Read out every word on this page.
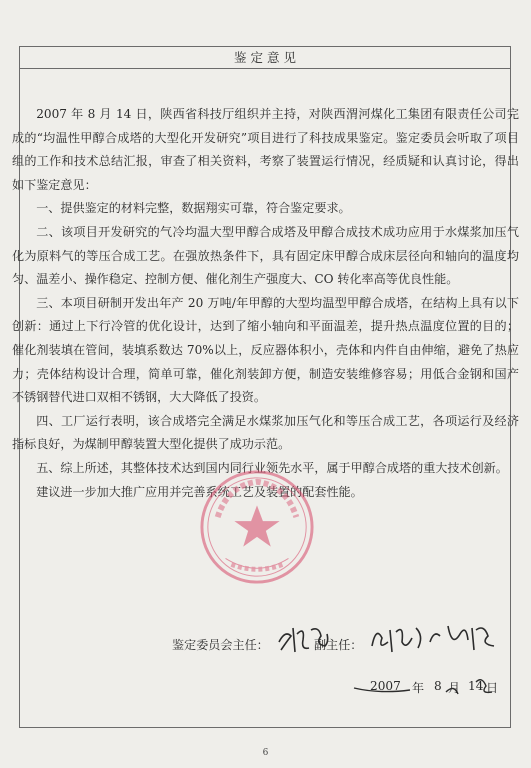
鉴 定 意 见

2007 年 8 月 14 日，陕西省科技厅组织并主持，对陕西渭河煤化工集团有限责任公司完成的“均温性甲醇合成塔的大型化开发研究”项目进行了科技成果鉴定。鉴定委员会听取了项目组的工作和技术总结汇报，审查了相关资料，考察了装置运行情况，经质疑和认真讨论，得出如下鉴定意见：

一、提供鉴定的材料完整，数据翔实可靠，符合鉴定要求。

二、该项目开发研究的气冷均温大型甲醇合成塔及甲醇合成技术成功应用于水煤浆加压气化为原料气的等压合成工艺。在强放热条件下，具有固定床甲醇合成床层径向和轴向的温度均匀、温差小、操作稳定、控制方便、催化剂生产强度大、CO 转化率高等优良性能。

三、本项目研制开发出年产 20 万吨/年甲醇的大型均温型甲醇合成塔，在结构上具有以下创新：通过上下行冷管的优化设计，达到了缩小轴向和平面温差，提升热点温度位置的目的；催化剂装填在管间，装填系数达 70%以上，反应器体积小，壳体和内件自由伸缩，避免了热应力；壳体结构设计合理，简单可靠，催化剂装卸方便，制造安装维修容易；用低合金钢和国产不锈钢替代进口双相不锈钢，大大降低了投资。

四、工厂运行表明，该合成塔完全满足水煤浆加压气化和等压合成工艺，各项运行及经济指标良好，为煤制甲醇装置大型化提供了成功示范。

五、综上所述，其整体技术达到国内同行业领先水平，属于甲醇合成塔的重大技术创新。

建议进一步加大推广应用并完善系统工艺及装置的配套性能。

鉴定委员会主任：	副主任：
2007 年 8 月 14 日
6
